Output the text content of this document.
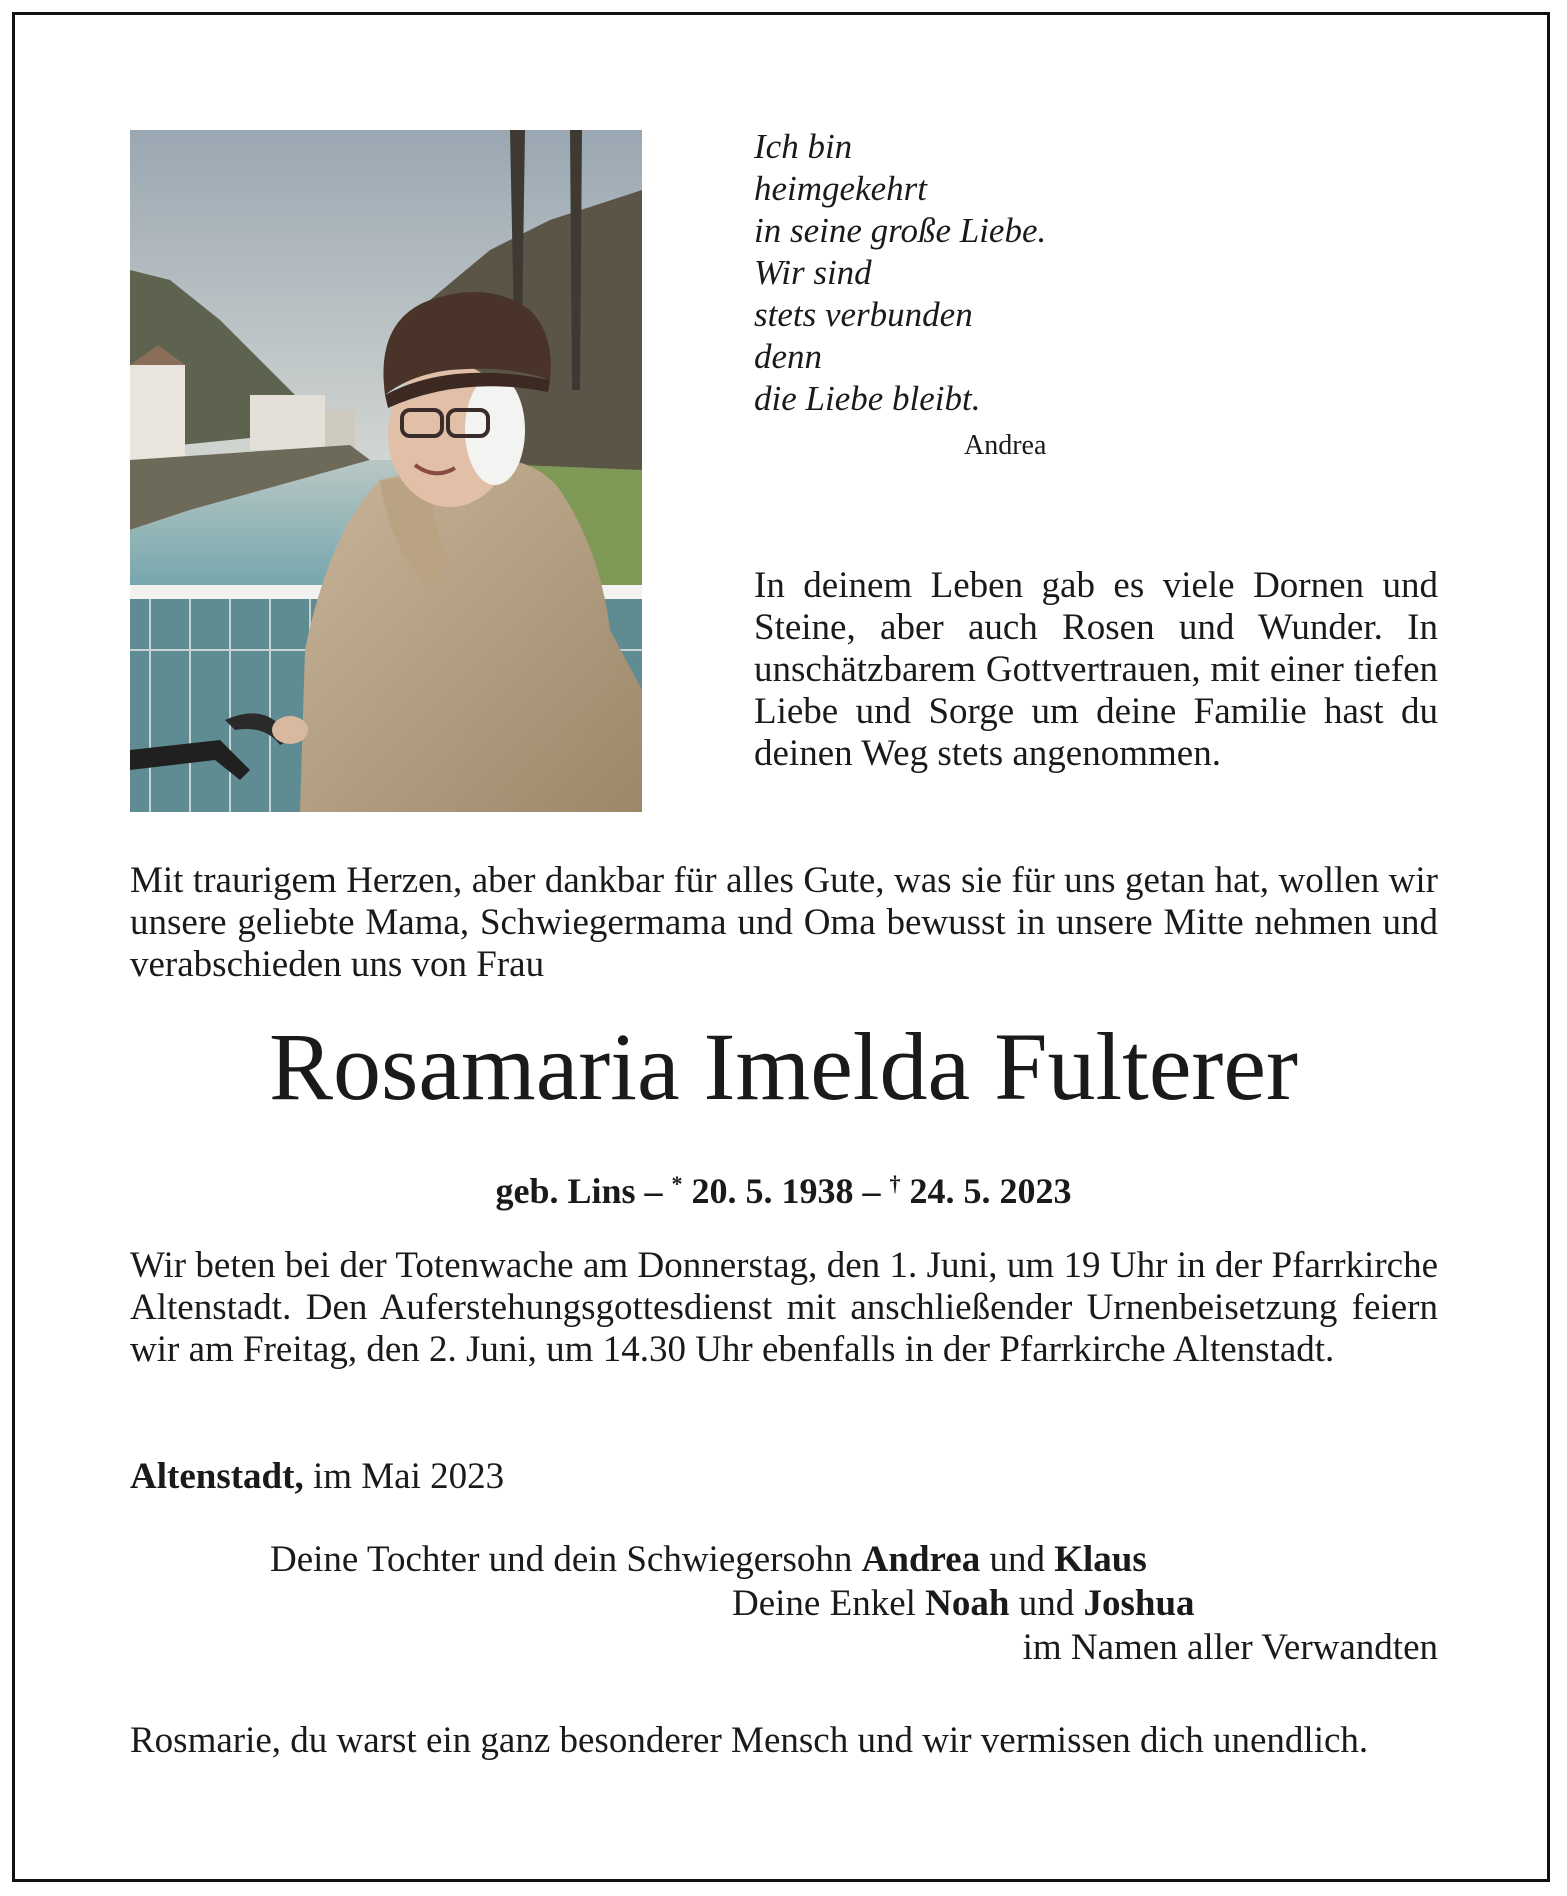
Ich bin
heimgekehrt
in seine große Liebe.
Wir sind
stets verbunden
denn
die Liebe bleibt.
Andrea
In deinem Leben gab es viele Dornen und Steine, aber auch Rosen und Wunder. In unschätzbarem Gottvertrauen, mit einer tiefen Liebe und Sorge um deine Familie hast du deinen Weg stets angenommen.
Mit traurigem Herzen, aber dankbar für alles Gute, was sie für uns getan hat, wollen wir unsere geliebte Mama, Schwiegermama und Oma bewusst in unsere Mitte nehmen und verabschieden uns von Frau
Rosamaria Imelda Fulterer
geb. Lins – * 20. 5. 1938 – † 24. 5. 2023
Wir beten bei der Totenwache am Donnerstag, den 1. Juni, um 19 Uhr in der Pfarrkirche Altenstadt. Den Auferstehungsgottesdienst mit anschließender Urnenbeisetzung feiern wir am Freitag, den 2. Juni, um 14.30 Uhr ebenfalls in der Pfarrkirche Altenstadt.
Altenstadt, im Mai 2023
Deine Tochter und dein Schwiegersohn Andrea und Klaus
Deine Enkel Noah und Joshua
im Namen aller Verwandten
Rosmarie, du warst ein ganz besonderer Mensch und wir vermissen dich unendlich.
